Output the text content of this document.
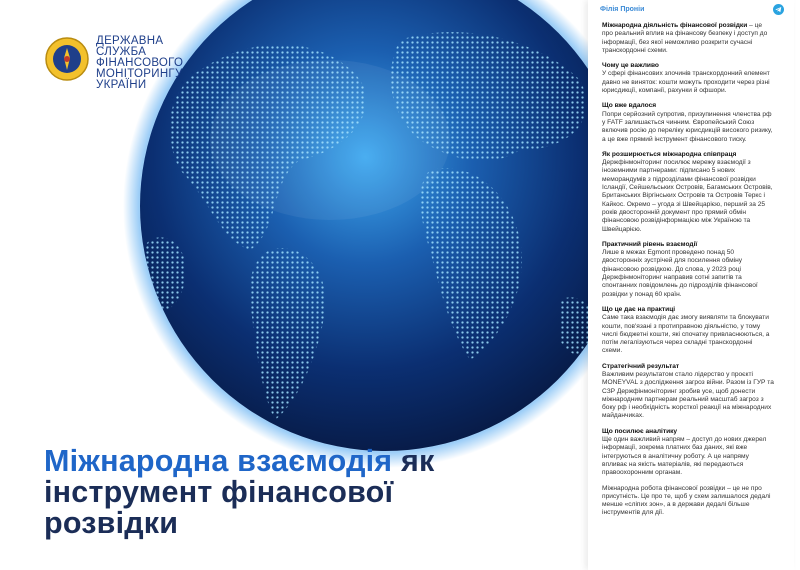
ДЕРЖАВНА
СЛУЖБА
ФІНАНСОВОГО
МОНІТОРИНГУ
УКРАЇНИ
Міжнародна взаємодія як
інструмент фінансової
розвідки
Філія Проніи
Міжнародна діяльність фінансової розвідки – це про реальний вплив на фінансову безпеку і доступ до інформації, без якої неможливо розкрити сучасні транскордонні схеми.
Чому це важливо
У сфері фінансових злочинів транскордонний елемент давно не виняток: кошти можуть проходити через різні юрисдикції, компанії, рахунки й офшори.
Що вже вдалося
Попри серйозний супротив, призупинення членства рф у FATF залишається чинним. Європейський Союз включив росію до переліку юрисдикцій високого ризику, а це вже прямий інструмент фінансового тиску.
Як розширюється міжнародна співпраця
Держфінмоніторинг посилює мережу взаємодії з іноземними партнерами: підписано 5 нових меморандумів з підрозділами фінансової розвідки Ісландії, Сейшельських Островів, Багамських Островів, Британських Віргінських Островів та Островів Теркс і Кайкос. Окремо – угода зі Швейцарією, перший за 25 років двосторонній документ про прямий обмін фінансовою розвідінформацією між Україною та Швейцарією.
Практичний рівень взаємодії
Лише в межах Egmont проведено понад 50 двосторонніх зустрічей для посилення обміну фінансовою розвідкою. До слова, у 2023 році Держфінмоніторинг направив сотні запитів та спонтанних повідомлень до підрозділів фінансової розвідки у понад 60 країн.
Що це дає на практиці
Саме така взаємодія дає змогу виявляти та блокувати кошти, пов'язані з протиправною діяльністю, у тому числі бюджетні кошти, які спочатку привласнюються, а потім легалізуються через складні транскордонні схеми.
Стратегічний результат
Важливим результатом стало лідерство у проєкті MONEYVAL з дослідження загроз війни. Разом із ГУР та СЗР Держфінмоніторинг зробив усе, щоб донести міжнародним партнерам реальний масштаб загроз з боку рф і необхідність жорсткої реакції на міжнародних майданчиках.
Що посилює аналітику
Ще один важливий напрям – доступ до нових джерел інформації, зокрема платних баз даних, які вже інтегруються в аналітичну роботу. А це напряму впливає на якість матеріалів, які передаються правоохоронним органам.
Міжнародна робота фінансової розвідки – це не про присутність. Це про те, щоб у схем залишалося дедалі менше «сліпих зон», а в держави дедалі більше інструментів для дії.
